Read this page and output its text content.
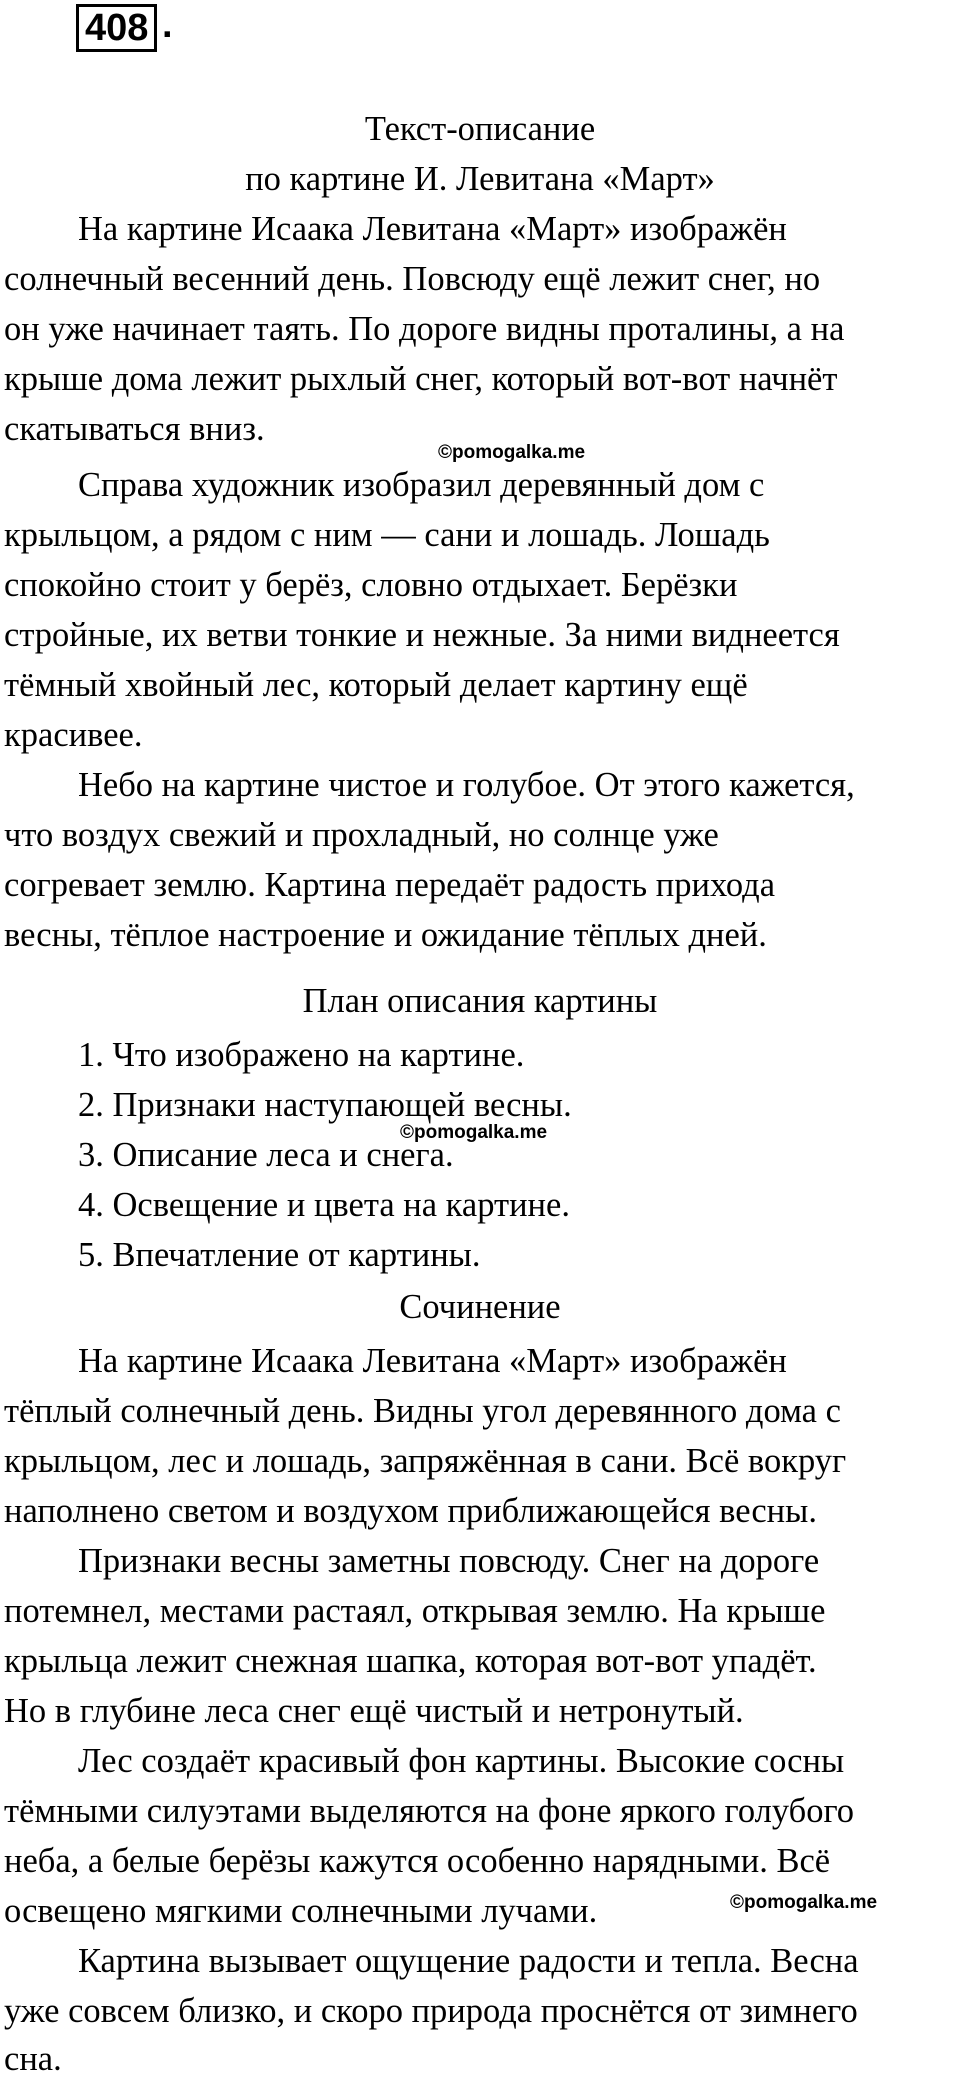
408 .
Текст-описание
по картине И. Левитана «Март»
На картине Исаака Левитана «Март» изображён
солнечный весенний день. Повсюду ещё лежит снег, но
он уже начинает таять. По дороге видны проталины, а на
крыше дома лежит рыхлый снег, который вот-вот начнёт
скатываться вниз.
©pomogalka.me
Справа художник изобразил деревянный дом с
крыльцом, а рядом с ним — сани и лошадь. Лошадь
спокойно стоит у берёз, словно отдыхает. Берёзки
стройные, их ветви тонкие и нежные. За ними виднеется
тёмный хвойный лес, который делает картину ещё
красивее.
Небо на картине чистое и голубое. От этого кажется,
что воздух свежий и прохладный, но солнце уже
согревает землю. Картина передаёт радость прихода
весны, тёплое настроение и ожидание тёплых дней.
План описания картины
1. Что изображено на картине.
2. Признаки наступающей весны.
©pomogalka.me
3. Описание леса и снега.
4. Освещение и цвета на картине.
5. Впечатление от картины.
Сочинение
На картине Исаака Левитана «Март» изображён
тёплый солнечный день. Видны угол деревянного дома с
крыльцом, лес и лошадь, запряжённая в сани. Всё вокруг
наполнено светом и воздухом приближающейся весны.
Признаки весны заметны повсюду. Снег на дороге
потемнел, местами растаял, открывая землю. На крыше
крыльца лежит снежная шапка, которая вот-вот упадёт.
Но в глубине леса снег ещё чистый и нетронутый.
Лес создаёт красивый фон картины. Высокие сосны
тёмными силуэтами выделяются на фоне яркого голубого
неба, а белые берёзы кажутся особенно нарядными. Всё
освещено мягкими солнечными лучами.	©pomogalka.me
Картина вызывает ощущение радости и тепла. Весна
уже совсем близко, и скоро природа проснётся от зимнего
сна.
